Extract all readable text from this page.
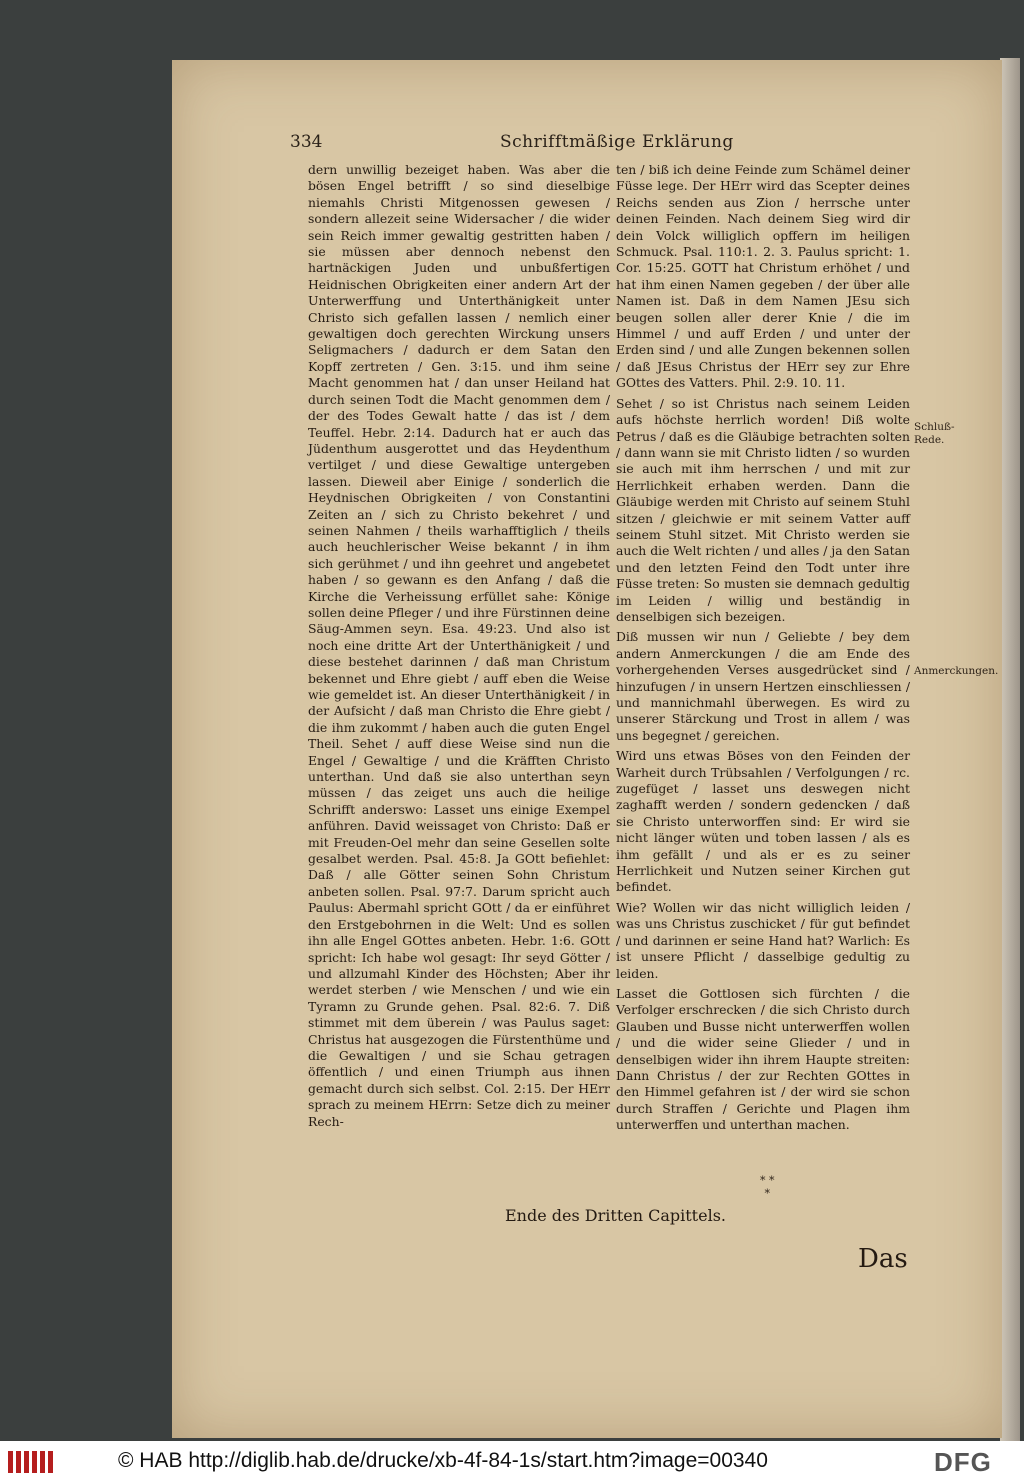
334	Schrifftmäßige Erklärung

dern unwillig bezeiget haben. Was aber die bösen Engel betrifft / so sind dieselbige niemahls Christi Mitgenossen gewesen / sondern allezeit seine Widersacher / die wider sein Reich immer gewaltig gestritten haben / sie müssen aber dennoch nebenst den hartnäckigen Juden und unbußfertigen Heidnischen Obrigkeiten einer andern Art der Unterwerffung und Unterthänigkeit unter Christo sich gefallen lassen / nemlich einer gewaltigen doch gerechten Wirckung unsers Seligmachers / dadurch er dem Satan den Kopff zertreten / Gen. 3:15. und ihm seine Macht genommen hat / dan unser Heiland hat durch seinen Todt die Macht genommen dem / der des Todes Gewalt hatte / das ist / dem Teuffel. Hebr. 2:14. Dadurch hat er auch das Jüdenthum ausgerottet und das Heydenthum vertilget / und diese Gewaltige untergeben lassen. Dieweil aber Einige / sonderlich die Heydnischen Obrigkeiten / von Constantini Zeiten an / sich zu Christo bekehret / und seinen Nahmen / theils warhafftiglich / theils auch heuchlerischer Weise bekannt / in ihm sich gerühmet / und ihn geehret und angebetet haben / so gewann es den Anfang / daß die Kirche die Verheissung erfüllet sahe: Könige sollen deine Pfleger / und ihre Fürstinnen deine Säug-Ammen seyn. Esa. 49:23. Und also ist noch eine dritte Art der Unterthänigkeit / und diese bestehet darinnen / daß man Christum bekennet und Ehre giebt / auff eben die Weise wie gemeldet ist. An dieser Unterthänigkeit / in der Aufsicht / daß man Christo die Ehre giebt / die ihm zukommt / haben auch die guten Engel Theil. Sehet / auff diese Weise sind nun die Engel / Gewaltige / und die Kräfften Christo unterthan. Und daß sie also unterthan seyn müssen / das zeiget uns auch die heilige Schrifft anderswo: Lasset uns einige Exempel anführen. David weissaget von Christo: Daß er mit Freuden-Oel mehr dan seine Gesellen solte gesalbet werden. Psal. 45:8. Ja GOtt befiehlet: Daß / alle Götter seinen Sohn Christum anbeten sollen. Psal. 97:7. Darum spricht auch Paulus: Abermahl spricht GOtt / da er einführet den Erstgebohrnen in die Welt: Und es sollen ihn alle Engel GOttes anbeten. Hebr. 1:6. GOtt spricht: Ich habe wol gesagt: Ihr seyd Götter / und allzumahl Kinder des Höchsten; Aber ihr werdet sterben / wie Menschen / und wie ein Tyramn zu Grunde gehen. Psal. 82:6. 7. Diß stimmet mit dem überein / was Paulus saget: Christus hat ausgezogen die Fürstenthüme und die Gewaltigen / und sie Schau getragen öffentlich / und einen Triumph aus ihnen gemacht durch sich selbst. Col. 2:15. Der HErr sprach zu meinem HErrn: Setze dich zu meiner Rech-

ten / biß ich deine Feinde zum Schämel deiner Füsse lege. Der HErr wird das Scepter deines Reichs senden aus Zion / herrsche unter deinen Feinden. Nach deinem Sieg wird dir dein Volck williglich opffern im heiligen Schmuck. Psal. 110:1. 2. 3. Paulus spricht: 1. Cor. 15:25. GOTT hat Christum erhöhet / und hat ihm einen Namen gegeben / der über alle Namen ist. Daß in dem Namen JEsu sich beugen sollen aller derer Knie / die im Himmel / und auff Erden / und unter der Erden sind / und alle Zungen bekennen sollen / daß JEsus Christus der HErr sey zur Ehre GOttes des Vatters. Phil. 2:9. 10. 11.

Sehet / so ist Christus nach seinem Leiden aufs höchste herrlich worden! Diß wolte Petrus / daß es die Gläubige betrachten solten / dann wann sie mit Christo lidten / so wurden sie auch mit ihm herrschen / und mit zur Herrlichkeit erhaben werden. Dann die Gläubige werden mit Christo auf seinem Stuhl sitzen / gleichwie er mit seinem Vatter auff seinem Stuhl sitzet. Mit Christo werden sie auch die Welt richten / und alles / ja den Satan und den letzten Feind den Todt unter ihre Füsse treten: So musten sie demnach gedultig im Leiden / willig und beständig in denselbigen sich bezeigen.

Diß mussen wir nun / Geliebte / bey dem andern Anmerckungen / die am Ende des vorhergehenden Verses ausgedrücket sind / hinzufugen / in unsern Hertzen einschliessen / und mannichmahl überwegen. Es wird zu unserer Stärckung und Trost in allem / was uns begegnet / gereichen.

Wird uns etwas Böses von den Feinden der Warheit durch Trübsahlen / Verfolgungen / rc. zugefüget / lasset uns deswegen nicht zaghafft werden / sondern gedencken / daß sie Christo unterworffen sind: Er wird sie nicht länger wüten und toben lassen / als es ihm gefällt / und als er es zu seiner Herrlichkeit und Nutzen seiner Kirchen gut befindet.

Wie? Wollen wir das nicht williglich leiden / was uns Christus zuschicket / für gut befindet / und darinnen er seine Hand hat? Warlich: Es ist unsere Pflicht / dasselbige gedultig zu leiden.

Lasset die Gottlosen sich fürchten / die Verfolger erschrecken / die sich Christo durch Glauben und Busse nicht unterwerffen wollen / und die wider seine Glieder / und in denselbigen wider ihn ihrem Haupte streiten: Dann Christus / der zur Rechten GOttes in den Himmel gefahren ist / der wird sie schon durch Straffen / Gerichte und Plagen ihm unterwerffen und unterthan machen.

Schluß-Rede.
Anmerckungen.
* *
*
Ende des Dritten Capittels.
Das
© HAB http://diglib.hab.de/drucke/xb-4f-84-1s/start.htm?image=00340	DFG
